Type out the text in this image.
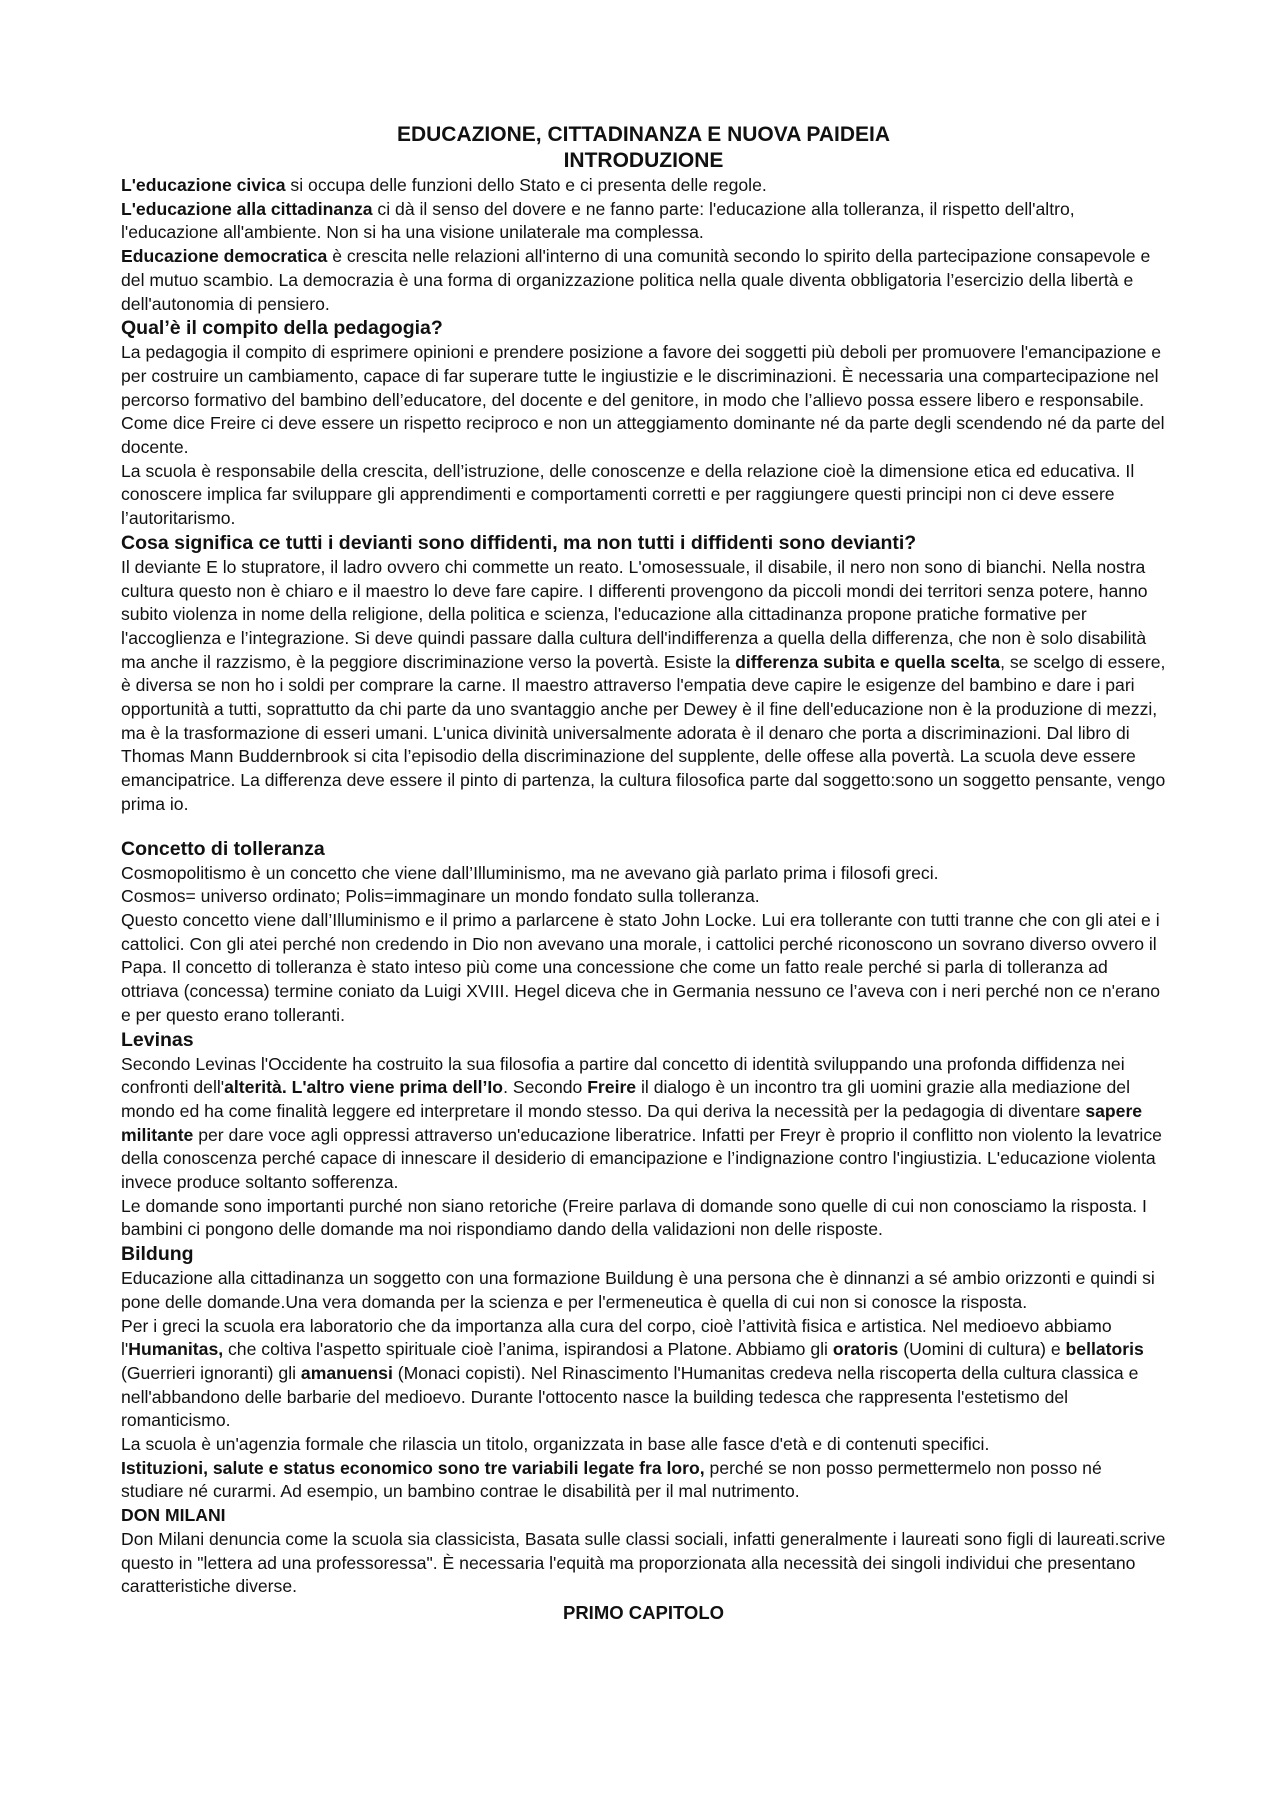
EDUCAZIONE, CITTADINANZA E NUOVA PAIDEIA
INTRODUZIONE

L'educazione civica si occupa delle funzioni dello Stato e ci presenta delle regole.

L'educazione alla cittadinanza ci dà il senso del dovere e ne fanno parte: l'educazione alla tolleranza, il rispetto dell'altro, l'educazione all'ambiente. Non si ha una visione unilaterale ma complessa.

Educazione democratica è crescita nelle relazioni all'interno di una comunità secondo lo spirito della partecipazione consapevole e del mutuo scambio. La democrazia è una forma di organizzazione politica nella quale diventa obbligatoria l’esercizio della libertà e dell'autonomia di pensiero.

Qual’è il compito della pedagogia?

La pedagogia il compito di esprimere opinioni e prendere posizione a favore dei soggetti più deboli per promuovere l'emancipazione e per costruire un cambiamento, capace di far superare tutte le ingiustizie e le discriminazioni. È necessaria una compartecipazione nel percorso formativo del bambino dell’educatore, del docente e del genitore, in modo che l’allievo possa essere libero e responsabile. Come dice Freire ci deve essere un rispetto reciproco e non un atteggiamento dominante né da parte degli scendendo né da parte del docente.

La scuola è responsabile della crescita, dell’istruzione, delle conoscenze e della relazione cioè la dimensione etica ed educativa. Il conoscere implica far sviluppare gli apprendimenti e comportamenti corretti e per raggiungere questi principi non ci deve essere l’autoritarismo.

Cosa significa ce tutti i devianti sono diffidenti, ma non tutti i diffidenti sono devianti?

Il deviante E lo stupratore, il ladro ovvero chi commette un reato. L'omosessuale, il disabile, il nero non sono di bianchi. Nella nostra cultura questo non è chiaro e il maestro lo deve fare capire. I differenti provengono da piccoli mondi dei territori senza potere, hanno subito violenza in nome della religione, della politica e scienza, l'educazione alla cittadinanza propone pratiche formative per l'accoglienza e l’integrazione. Si deve quindi passare dalla cultura dell'indifferenza a quella della differenza, che non è solo disabilità ma anche il razzismo, è la peggiore discriminazione verso la povertà. Esiste la differenza subita e quella scelta, se scelgo di essere, è diversa se non ho i soldi per comprare la carne. Il maestro attraverso l'empatia deve capire le esigenze del bambino e dare i pari opportunità a tutti, soprattutto da chi parte da uno svantaggio anche per Dewey è il fine dell'educazione non è la produzione di mezzi, ma è la trasformazione di esseri umani. L'unica divinità universalmente adorata è il denaro che porta a discriminazioni. Dal libro di Thomas Mann Buddernbrook si cita l’episodio della discriminazione del supplente, delle offese alla povertà. La scuola deve essere emancipatrice. La differenza deve essere il pinto di partenza, la cultura filosofica parte dal soggetto:sono un soggetto pensante, vengo prima io.

Concetto di tolleranza

Cosmopolitismo è un concetto che viene dall’Illuminismo, ma ne avevano già parlato prima i filosofi greci.

Cosmos= universo ordinato; Polis=immaginare un mondo fondato sulla tolleranza.

Questo concetto viene dall’Illuminismo e il primo a parlarcene è stato John Locke. Lui era tollerante con tutti tranne che con gli atei e i cattolici. Con gli atei perché non credendo in Dio non avevano una morale, i cattolici perché riconoscono un sovrano diverso ovvero il Papa. Il concetto di tolleranza è stato inteso più come una concessione che come un fatto reale perché si parla di tolleranza ad ottriava (concessa) termine coniato da Luigi XVIII. Hegel diceva che in Germania nessuno ce l’aveva con i neri perché non ce n'erano e per questo erano tolleranti.

Levinas

Secondo Levinas l'Occidente ha costruito la sua filosofia a partire dal concetto di identità sviluppando una profonda diffidenza nei confronti dell'alterità. L'altro viene prima dell’Io. Secondo Freire il dialogo è un incontro tra gli uomini grazie alla mediazione del mondo ed ha come finalità leggere ed interpretare il mondo stesso. Da qui deriva la necessità per la pedagogia di diventare sapere militante per dare voce agli oppressi attraverso un'educazione liberatrice. Infatti per Freyr è proprio il conflitto non violento la levatrice della conoscenza perché capace di innescare il desiderio di emancipazione e l’indignazione contro l'ingiustizia. L'educazione violenta invece produce soltanto sofferenza.

Le domande sono importanti purché non siano retoriche (Freire parlava di domande sono quelle di cui non conosciamo la risposta. I bambini ci pongono delle domande ma noi rispondiamo dando della validazioni non delle risposte.

Bildung

Educazione alla cittadinanza un soggetto con una formazione Buildung è una persona che è dinnanzi a sé ambio orizzonti e quindi si pone delle domande.Una vera domanda per la scienza e per l'ermeneutica è quella di cui non si conosce la risposta.

Per i greci la scuola era laboratorio che da importanza alla cura del corpo, cioè l’attività fisica e artistica. Nel medioevo abbiamo l'Humanitas, che coltiva l'aspetto spirituale cioè l’anima, ispirandosi a Platone. Abbiamo gli oratoris (Uomini di cultura) e bellatoris (Guerrieri ignoranti) gli amanuensi (Monaci copisti). Nel Rinascimento l'Humanitas credeva nella riscoperta della cultura classica e nell'abbandono delle barbarie del medioevo. Durante l'ottocento nasce la building tedesca che rappresenta l'estetismo del romanticismo.

La scuola è un'agenzia formale che rilascia un titolo, organizzata in base alle fasce d'età e di contenuti specifici.

Istituzioni, salute e status economico sono tre variabili legate fra loro, perché se non posso permettermelo non posso né studiare né curarmi. Ad esempio, un bambino contrae le disabilità per il mal nutrimento.

DON MILANI

Don Milani denuncia come la scuola sia classicista, Basata sulle classi sociali, infatti generalmente i laureati sono figli di laureati.scrive questo in "lettera ad una professoressa". È necessaria l'equità ma proporzionata alla necessità dei singoli individui che presentano caratteristiche diverse.

PRIMO CAPITOLO
